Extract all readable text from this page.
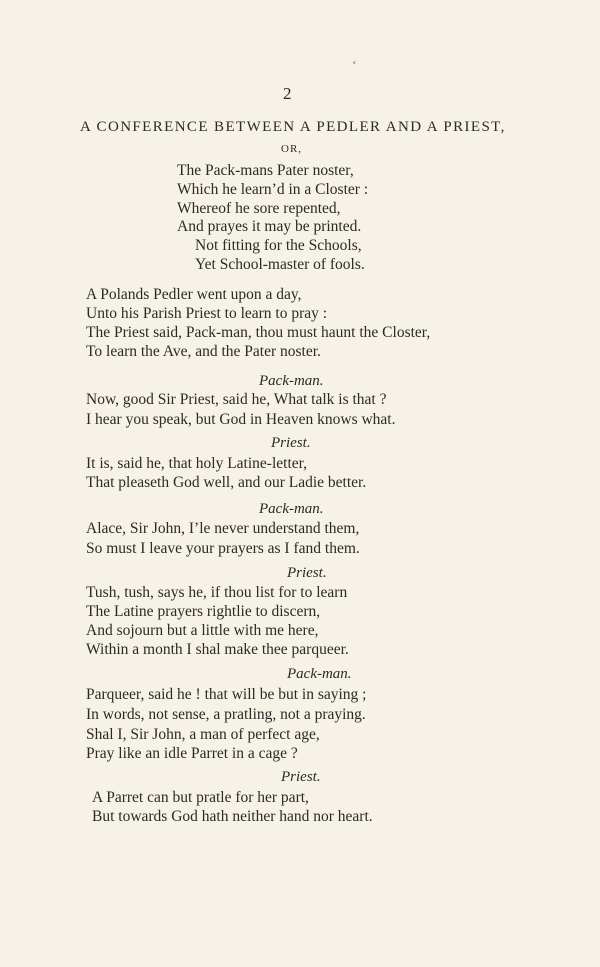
˂
2
A CONFERENCE BETWEEN A PEDLER AND A PRIEST,
OR,
The Pack-mans Pater noster,
Which he learn’d in a Closter :
Whereof he sore repented,
And prayes it may be printed.
Not fitting for the Schools,
Yet School-master of fools.
A Polands Pedler went upon a day,
Unto his Parish Priest to learn to pray :
The Priest said, Pack-man, thou must haunt the Closter,
To learn the Ave, and the Pater noster.
Pack-man.
Now, good Sir Priest, said he, What talk is that ?
I hear you speak, but God in Heaven knows what.
Priest.
It is, said he, that holy Latine-letter,
That pleaseth God well, and our Ladie better.
Pack-man.
Alace, Sir John, I’le never understand them,
So must I leave your prayers as I fand them.
Priest.
Tush, tush, says he, if thou list for to learn
The Latine prayers rightlie to discern,
And sojourn but a little with me here,
Within a month I shal make thee parqueer.
Pack-man.
Parqueer, said he ! that will be but in saying ;
In words, not sense, a pratling, not a praying.
Shal I, Sir John, a man of perfect age,
Pray like an idle Parret in a cage ?
Priest.
A Parret can but pratle for her part,
But towards God hath neither hand nor heart.
